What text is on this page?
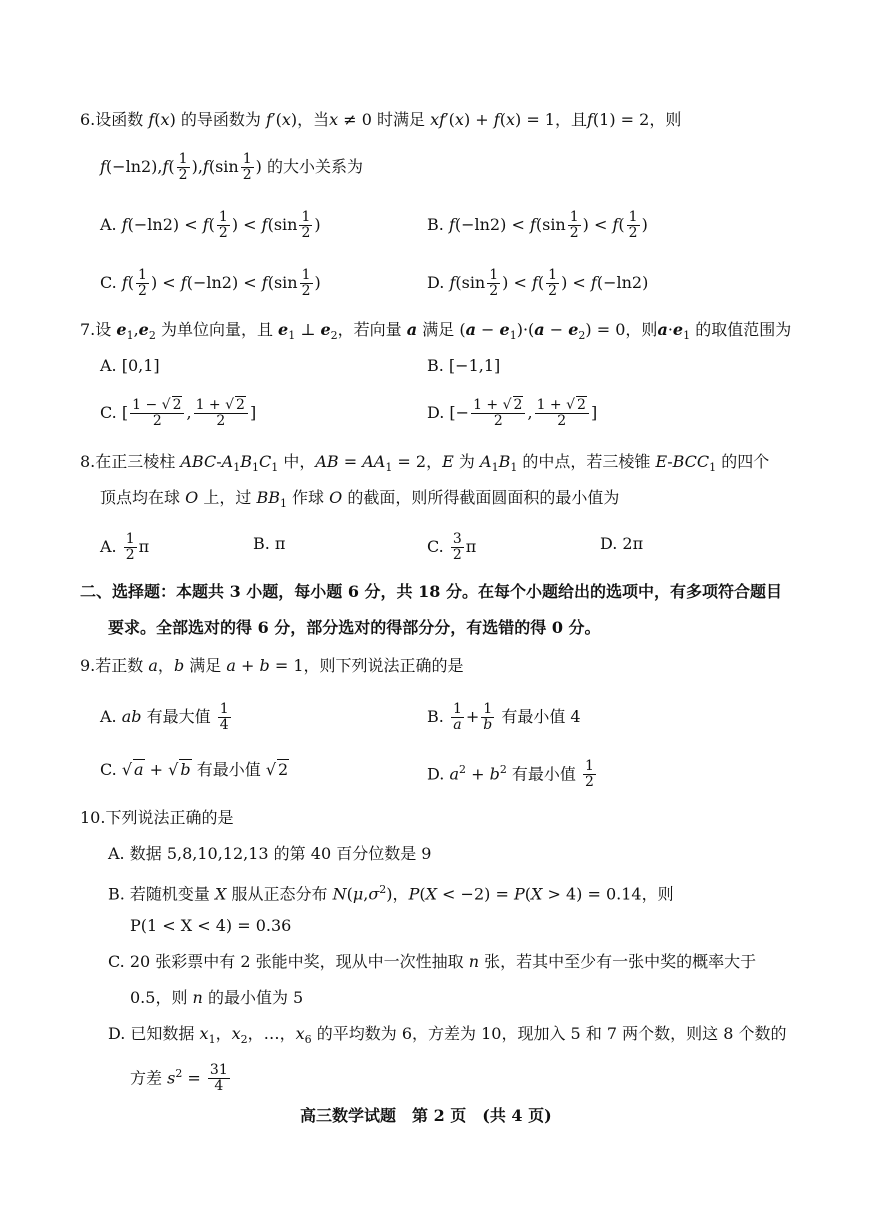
6.设函数 f(x) 的导函数为 f′(x)，当x ≠ 0 时满足 xf′(x) + f(x) = 1，且f(1) = 2，则
$f(-\ln 2),f( \frac{1}{2} ),f(\sin \frac{1}{2}$ ) 的大小关系为
A. $f(-\ln 2) < f( \frac{1}{2}$ ) < $f(\sin \frac{1}{2}$ )	B. $f(-\ln 2) < f(\sin \frac{1}{2}$ ) < $f( \frac{1}{2}$ )
C. $f( \frac{1}{2}$ ) < $f(-\ln 2) < f(\sin \frac{1}{2}$ )	D. $f(\sin \frac{1}{2}$ ) < $f( \frac{1}{2}$ ) < f(−ln2)
7.设 $e_1,e_2$ 为单位向量，且 $e_1$ ⊥ $e_2$，若向量 a 满足 $(a - e_1)\cdot(a - e_2) = 0$，则$a\cdot e_1$ 的取值范围为
A. [0,1]	B. [−1,1]
C. [ $\frac{1 - √ 2}{2}$ , $\frac{1 + √ 2}{2}$ ]	D. [− $\frac{1 + √ 2}{2}$ , $\frac{1 + √ 2}{2}$ ]
8.在正三棱柱 ABC-$A_1B_1C_1$ 中，AB = $AA_1 = 2$，E 为 $A_1B_1$ 的中点，若三棱锥 $E-BCC_1$ 的四个
顶点均在球 O 上，过 $BB_1$ 作球 O 的截面，则所得截面圆面积的最小值为
A. $\frac{1}{2}$ π	B. π	C. $\frac{3}{2}$ π	D. 2π
二、选择题：本题共 3 小题，每小题 6 分，共 18 分。在每个小题给出的选项中，有多项符合题目
要求。全部选对的得 6 分，部分选对的得部分分，有选错的得 0 分。
9.若正数 a，b 满足 a + b = 1，则下列说法正确的是
A. ab 有最大值 $\frac{1}{4}$	B. $\frac{1}{a} + \frac{1}{b}$ 有最小值 4
C. √ a + √ b 有最小值 √ 2	D. $a^2 + b^2$ 有最小值 $\frac{1}{2}$
10.下列说法正确的是
A. 数据 5,8,10,12,13 的第 40 百分位数是 9
B. 若随机变量 X 服从正态分布 $N(\mu,\sigma^2)$，P(X < −2) = P(X > 4) = 0.14，则
P(1 < X < 4) = 0.36
C. 20 张彩票中有 2 张能中奖，现从中一次性抽取 n 张，若其中至少有一张中奖的概率大于
0.5，则 n 的最小值为 5
D. 已知数据 $x_1$，$x_2$，…，$x_6$ 的平均数为 6，方差为 10，现加入 5 和 7 两个数，则这 8 个数的
方差 $s^2 = \frac{31}{4}$
高三数学试题　第 2 页　(共 4 页)
